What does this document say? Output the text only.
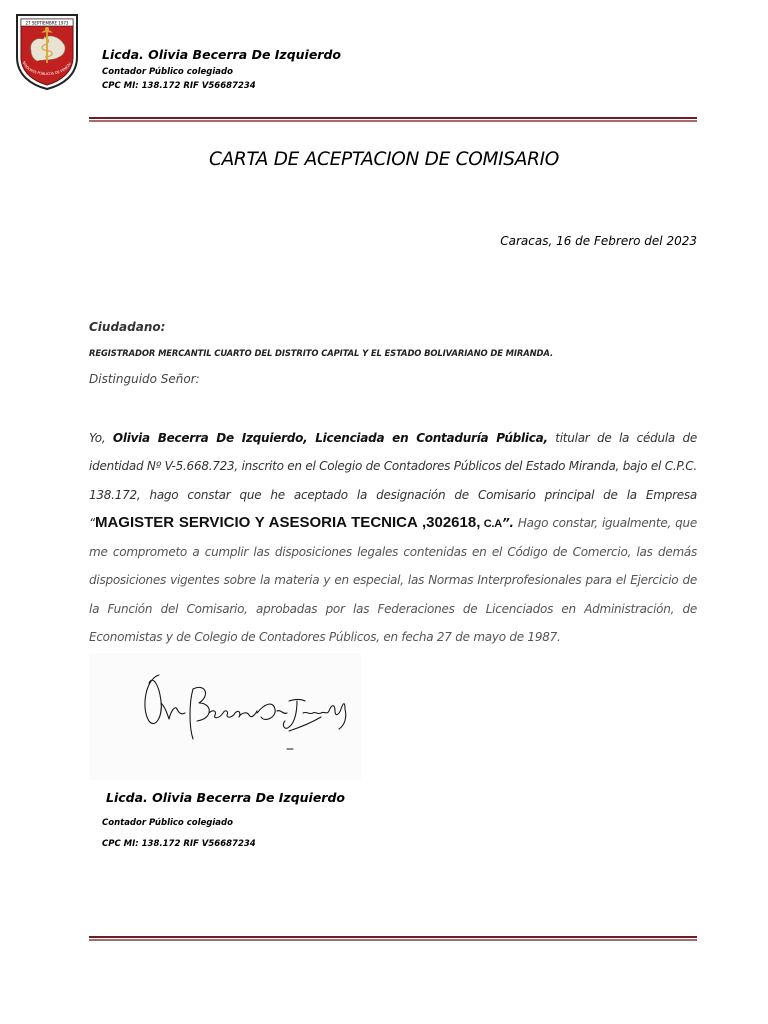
27 SEPTIEMBRE 1973
NTADORES PÚBLICOS DE VENEZU
Licda. Olivia Becerra De Izquierdo
Contador Público colegiado
CPC MI: 138.172 RIF V56687234
CARTA DE ACEPTACION DE COMISARIO
Caracas, 16 de Febrero del 2023
Ciudadano:
REGISTRADOR MERCANTIL CUARTO DEL DISTRITO CAPITAL Y EL ESTADO BOLIVARIANO DE MIRANDA.
Distinguido Señor:
Yo, Olivia Becerra De Izquierdo, Licenciada en Contaduría Pública, titular de la cédula de identidad Nº V-5.668.723, inscrito en el Colegio de Contadores Públicos del Estado Miranda, bajo el C.P.C. 138.172, hago constar que he aceptado la designación de Comisario principal de la Empresa “MAGISTER SERVICIO Y ASESORIA TECNICA ,302618, C.A”. Hago constar, igualmente, que me comprometo a cumplir las disposiciones legales contenidas en el Código de Comercio, las demás disposiciones vigentes sobre la materia y en especial, las Normas Interprofesionales para el Ejercicio de la Función del Comisario, aprobadas por las Federaciones de Licenciados en Administración, de Economistas y de Colegio de Contadores Públicos, en fecha 27 de mayo de 1987.
Licda. Olivia Becerra De Izquierdo
Contador Público colegiado
CPC MI: 138.172 RIF V56687234
